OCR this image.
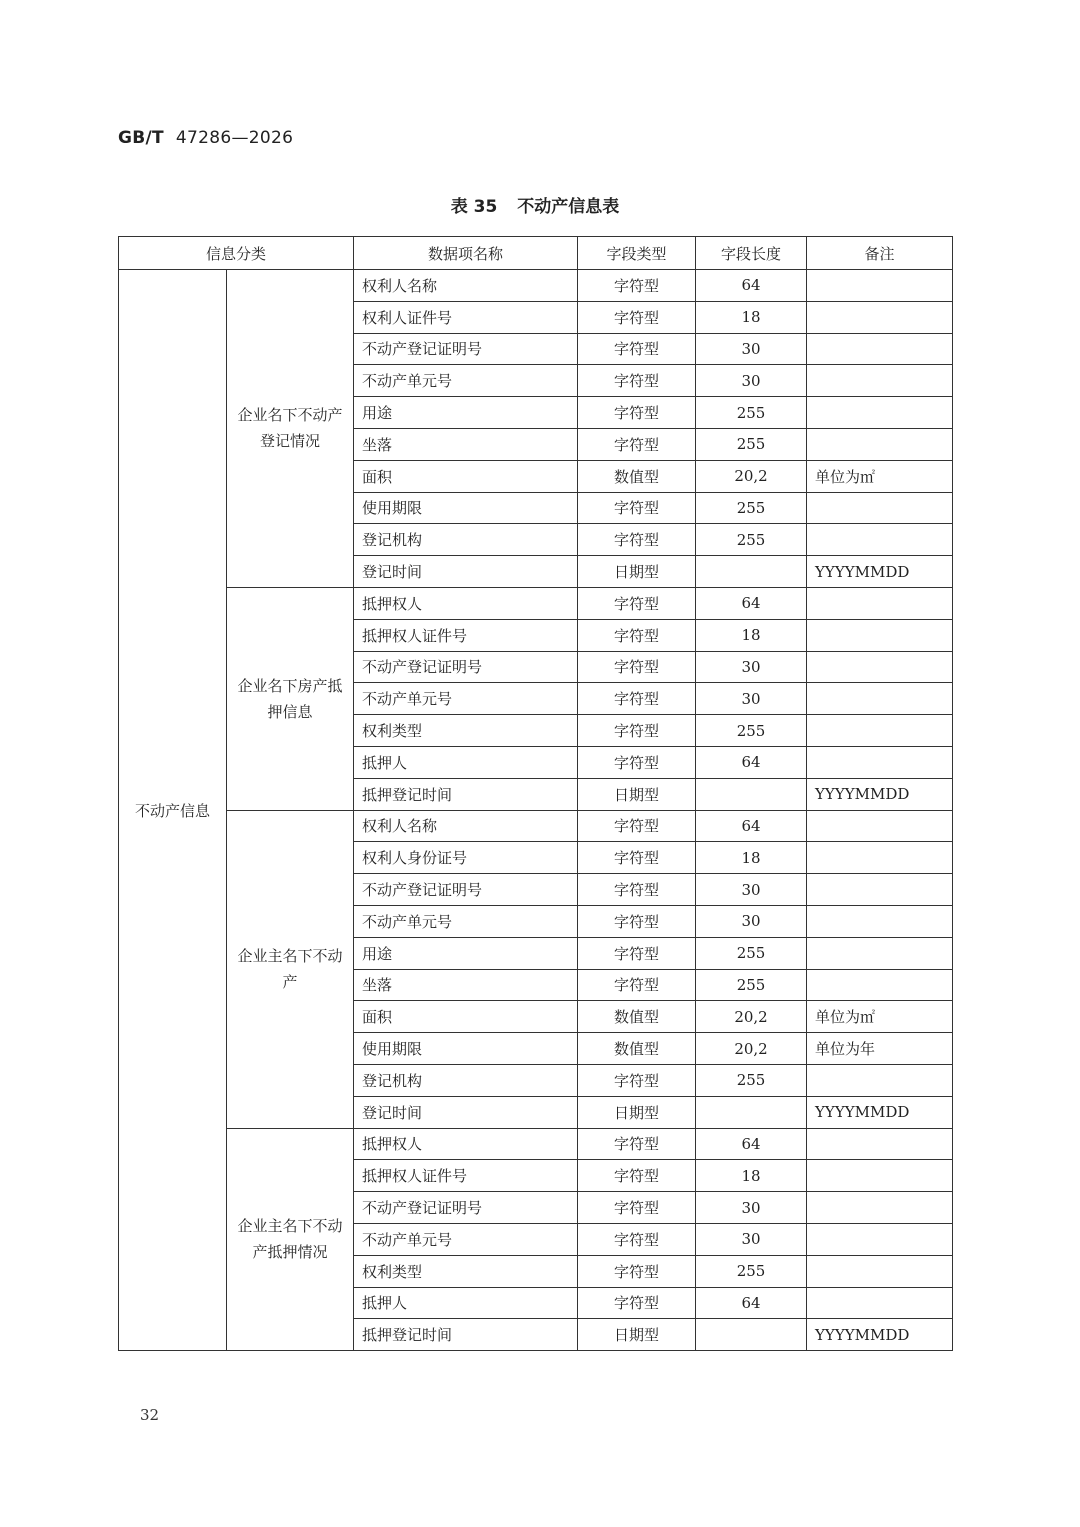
GB/T 47286—2026
表 35 不动产信息表
信息分类		数据项名称	字段类型	字段长度	备注
不动产信息	企业名下不动产登记情况	权利人名称	字符型	64	
		权利人证件号	字符型	18	
		不动产登记证明号	字符型	30	
		不动产单元号	字符型	30	
		用途	字符型	255	
		坐落	字符型	255	
		面积	数值型	20,2	单位为㎡
		使用期限	字符型	255	
		登记机构	字符型	255	
		登记时间	日期型		YYYYMMDD
	企业名下房产抵押信息	抵押权人	字符型	64	
		抵押权人证件号	字符型	18	
		不动产登记证明号	字符型	30	
		不动产单元号	字符型	30	
		权利类型	字符型	255	
		抵押人	字符型	64	
		抵押登记时间	日期型		YYYYMMDD
	企业主名下不动产	权利人名称	字符型	64	
		权利人身份证号	字符型	18	
		不动产登记证明号	字符型	30	
		不动产单元号	字符型	30	
		用途	字符型	255	
		坐落	字符型	255	
		面积	数值型	20,2	单位为㎡
		使用期限	数值型	20,2	单位为年
		登记机构	字符型	255	
		登记时间	日期型		YYYYMMDD
	企业主名下不动产抵押情况	抵押权人	字符型	64	
		抵押权人证件号	字符型	18	
		不动产登记证明号	字符型	30	
		不动产单元号	字符型	30	
		权利类型	字符型	255	
		抵押人	字符型	64	
		抵押登记时间	日期型		YYYYMMDD
32
